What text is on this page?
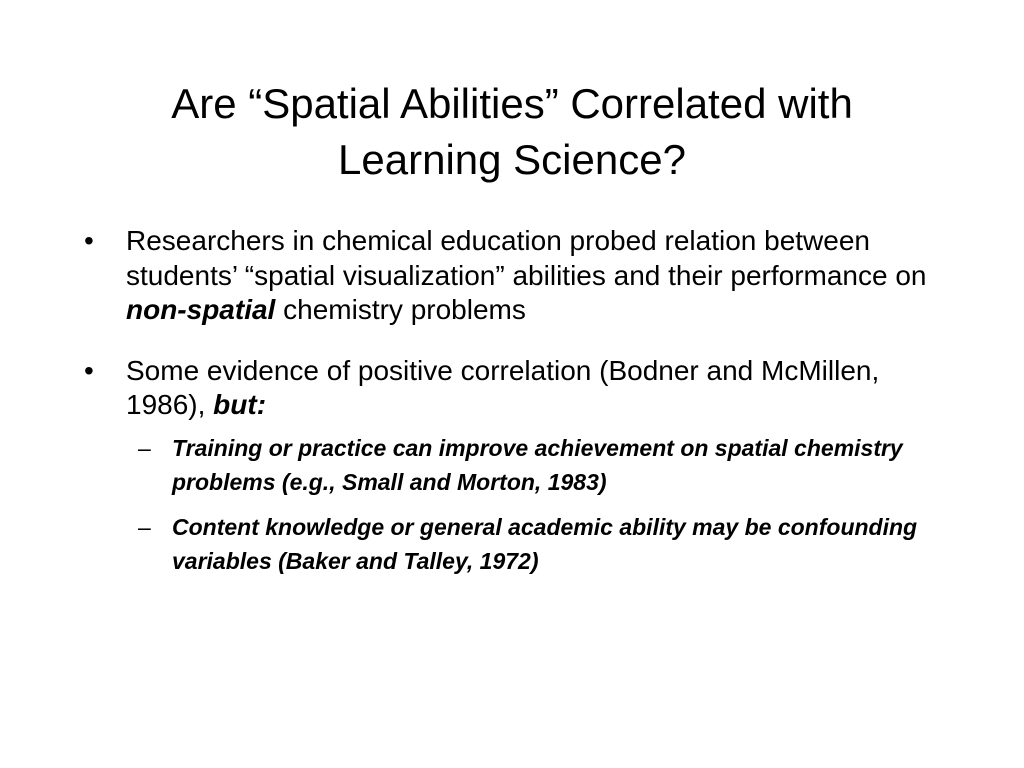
Are “Spatial Abilities” Correlated with
Learning Science?
• Researchers in chemical education probed relation between students’ “spatial visualization” abilities and their performance on non-spatial chemistry problems
• Some evidence of positive correlation (Bodner and McMillen, 1986), but:
– Training or practice can improve achievement on spatial chemistry problems (e.g., Small and Morton, 1983)
– Content knowledge or general academic ability may be confounding variables (Baker and Talley, 1972)
